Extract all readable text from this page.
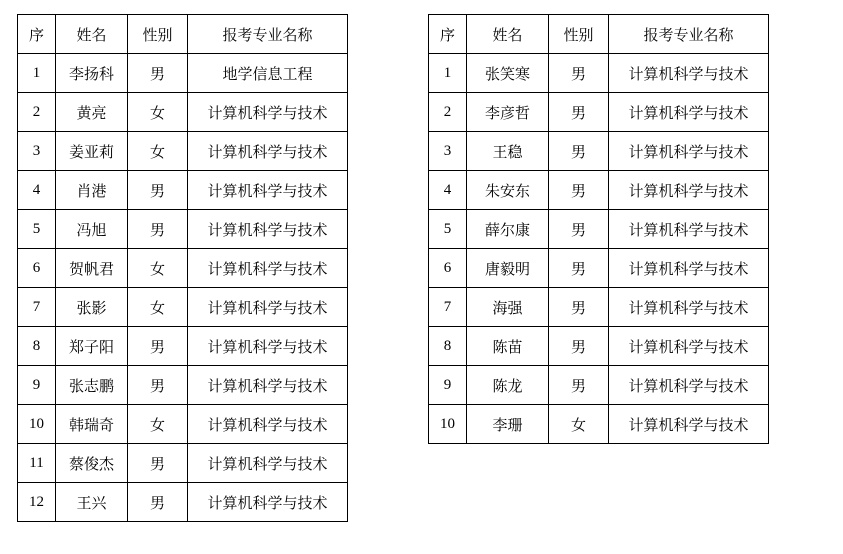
序	姓名	性别	报考专业名称
1	李扬科	男	地学信息工程
2	黄亮	女	计算机科学与技术
3	姜亚莉	女	计算机科学与技术
4	肖港	男	计算机科学与技术
5	冯旭	男	计算机科学与技术
6	贺帆君	女	计算机科学与技术
7	张影	女	计算机科学与技术
8	郑子阳	男	计算机科学与技术
9	张志鹏	男	计算机科学与技术
10	韩瑞奇	女	计算机科学与技术
11	蔡俊杰	男	计算机科学与技术
12	王兴	男	计算机科学与技术
序	姓名	性别	报考专业名称
1	张笑寒	男	计算机科学与技术
2	李彦哲	男	计算机科学与技术
3	王稳	男	计算机科学与技术
4	朱安东	男	计算机科学与技术
5	薛尔康	男	计算机科学与技术
6	唐毅明	男	计算机科学与技术
7	海强	男	计算机科学与技术
8	陈苗	男	计算机科学与技术
9	陈龙	男	计算机科学与技术
10	李珊	女	计算机科学与技术
